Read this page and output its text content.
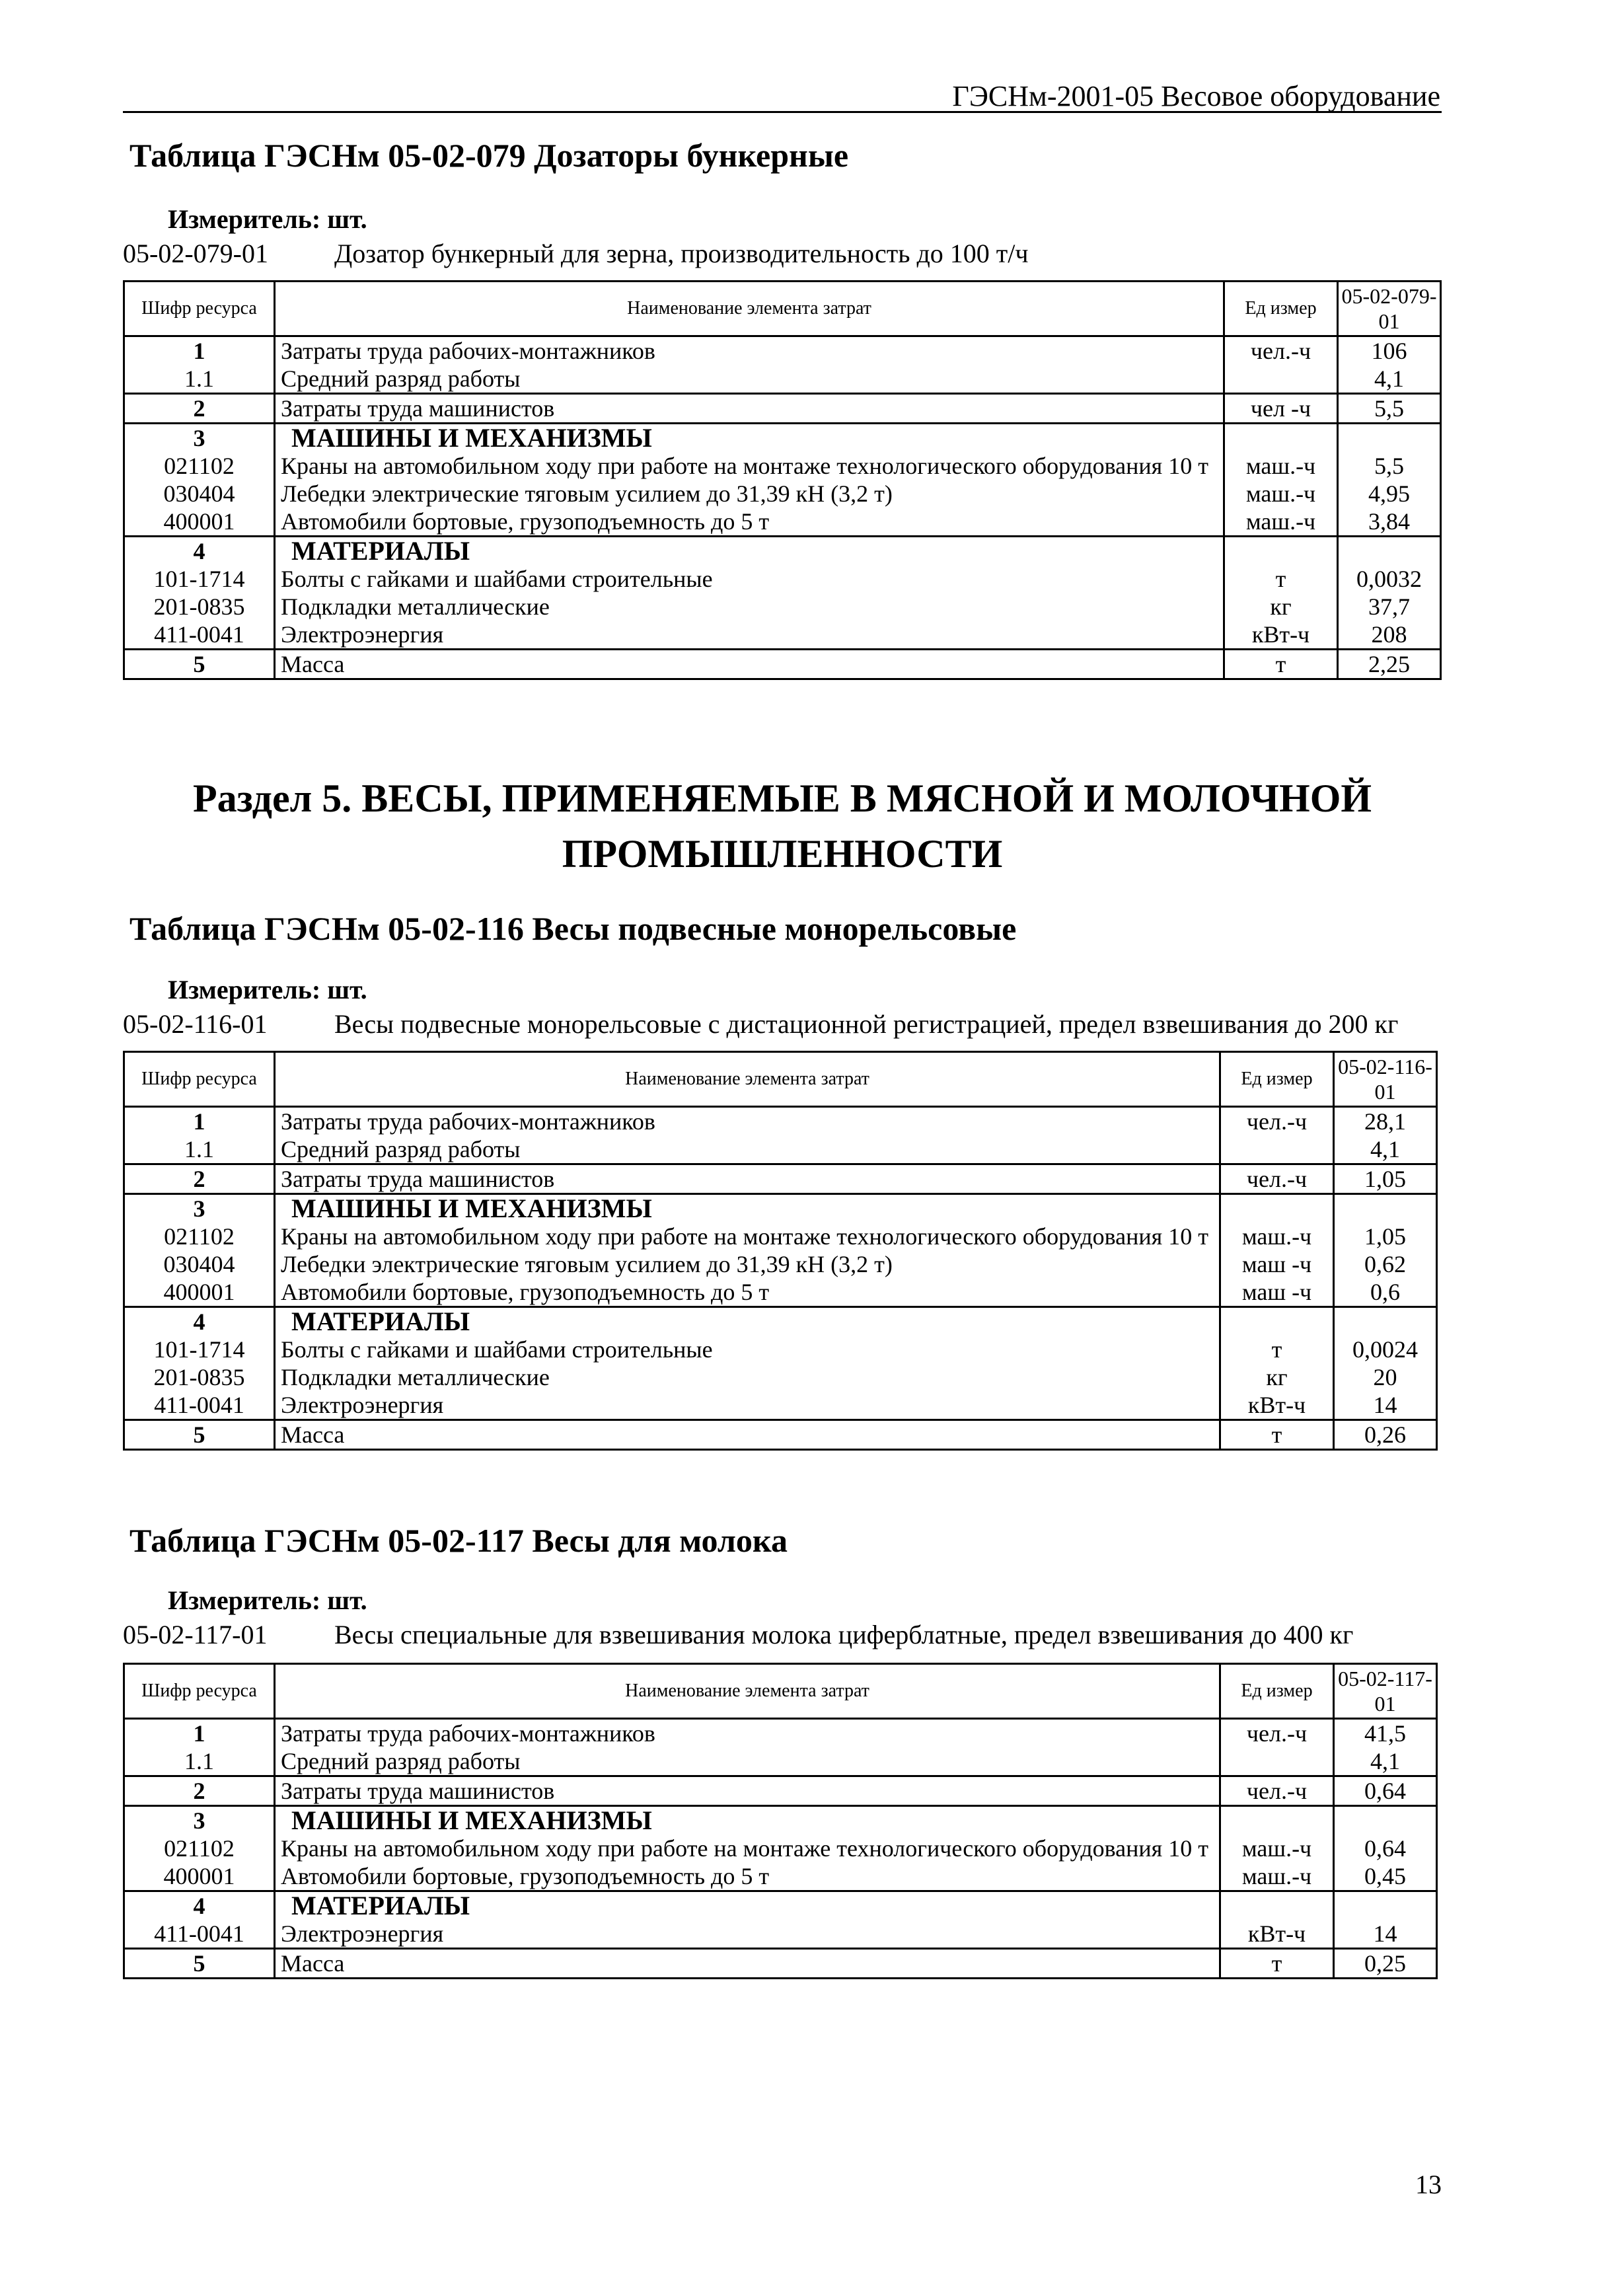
ГЭСНм-2001-05 Весовое оборудование
Таблица ГЭСНм 05-02-079 Дозаторы бункерные
Измеритель: шт.
05-02-079-01	Дозатор бункерный для зерна, производительность до 100 т/ч
Шифр ресурса	Наименование элемента затрат	Ед измер	05-02-079-01
1	Затраты труда рабочих-монтажников	чел.-ч	106
1.1	Средний разряд работы		4,1
2	Затраты труда машинистов	чел -ч	5,5
3	МАШИНЫ И МЕХАНИЗМЫ		
021102	Краны на автомобильном ходу при работе на монтаже технологического оборудования 10 т	маш.-ч	5,5
030404	Лебедки электрические тяговым усилием до 31,39 кН (3,2 т)	маш.-ч	4,95
400001	Автомобили бортовые, грузоподъемность до 5 т	маш.-ч	3,84
4	МАТЕРИАЛЫ		
101-1714	Болты с гайками и шайбами строительные	т	0,0032
201-0835	Подкладки металлические	кг	37,7
411-0041	Электроэнергия	кВт-ч	208
5	Масса	т	2,25
Раздел 5. ВЕСЫ, ПРИМЕНЯЕМЫЕ В МЯСНОЙ И МОЛОЧНОЙ
ПРОМЫШЛЕННОСТИ
Таблица ГЭСНм 05-02-116 Весы подвесные монорельсовые
Измеритель: шт.
05-02-116-01	Весы подвесные монорельсовые с дистационной регистрацией, предел взвешивания до 200 кг
Шифр ресурса	Наименование элемента затрат	Ед измер	05-02-116-01
1	Затраты труда рабочих-монтажников	чел.-ч	28,1
1.1	Средний разряд работы		4,1
2	Затраты труда машинистов	чел.-ч	1,05
3	МАШИНЫ И МЕХАНИЗМЫ		
021102	Краны на автомобильном ходу при работе на монтаже технологического оборудования 10 т	маш.-ч	1,05
030404	Лебедки электрические тяговым усилием до 31,39 кН (3,2 т)	маш -ч	0,62
400001	Автомобили бортовые, грузоподъемность до 5 т	маш -ч	0,6
4	МАТЕРИАЛЫ		
101-1714	Болты с гайками и шайбами строительные	т	0,0024
201-0835	Подкладки металлические	кг	20
411-0041	Электроэнергия	кВт-ч	14
5	Масса	т	0,26
Таблица ГЭСНм 05-02-117 Весы для молока
Измеритель: шт.
05-02-117-01	Весы специальные для взвешивания молока циферблатные, предел взвешивания до 400 кг
Шифр ресурса	Наименование элемента затрат	Ед измер	05-02-117-01
1	Затраты труда рабочих-монтажников	чел.-ч	41,5
1.1	Средний разряд работы		4,1
2	Затраты труда машинистов	чел.-ч	0,64
3	МАШИНЫ И МЕХАНИЗМЫ		
021102	Краны на автомобильном ходу при работе на монтаже технологического оборудования 10 т	маш.-ч	0,64
400001	Автомобили бортовые, грузоподъемность до 5 т	маш.-ч	0,45
4	МАТЕРИАЛЫ		
411-0041	Электроэнергия	кВт-ч	14
5	Масса	т	0,25
13
